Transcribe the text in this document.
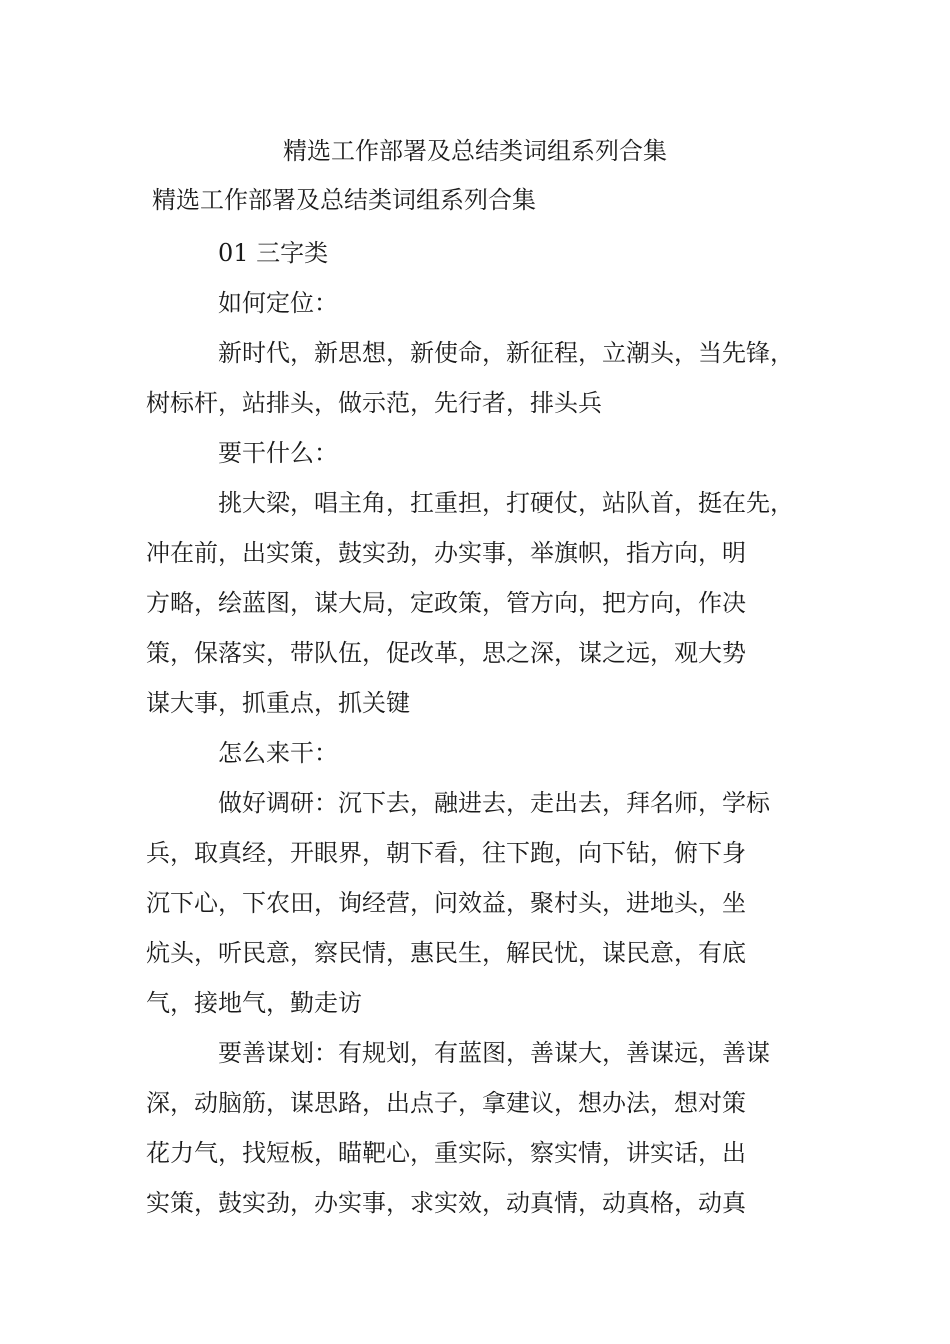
精选工作部署及总结类词组系列合集
精选工作部署及总结类词组系列合集
01 三字类
如何定位：
新时代，新思想，新使命，新征程，立潮头，当先锋，
树标杆，站排头，做示范，先行者，排头兵
要干什么：
挑大梁，唱主角，扛重担，打硬仗，站队首，挺在先，
冲在前，出实策，鼓实劲，办实事，举旗帜，指方向，明
方略，绘蓝图，谋大局，定政策，管方向，把方向，作决
策，保落实，带队伍，促改革，思之深，谋之远，观大势
谋大事，抓重点，抓关键
怎么来干：
做好调研：沉下去，融进去，走出去，拜名师，学标
兵，取真经，开眼界，朝下看，往下跑，向下钻，俯下身
沉下心，下农田，询经营，问效益，聚村头，进地头，坐
炕头，听民意，察民情，惠民生，解民忧，谋民意，有底
气，接地气，勤走访
要善谋划：有规划，有蓝图，善谋大，善谋远，善谋
深，动脑筋，谋思路，出点子，拿建议，想办法，想对策
花力气，找短板，瞄靶心，重实际，察实情，讲实话，出
实策，鼓实劲，办实事，求实效，动真情，动真格，动真
